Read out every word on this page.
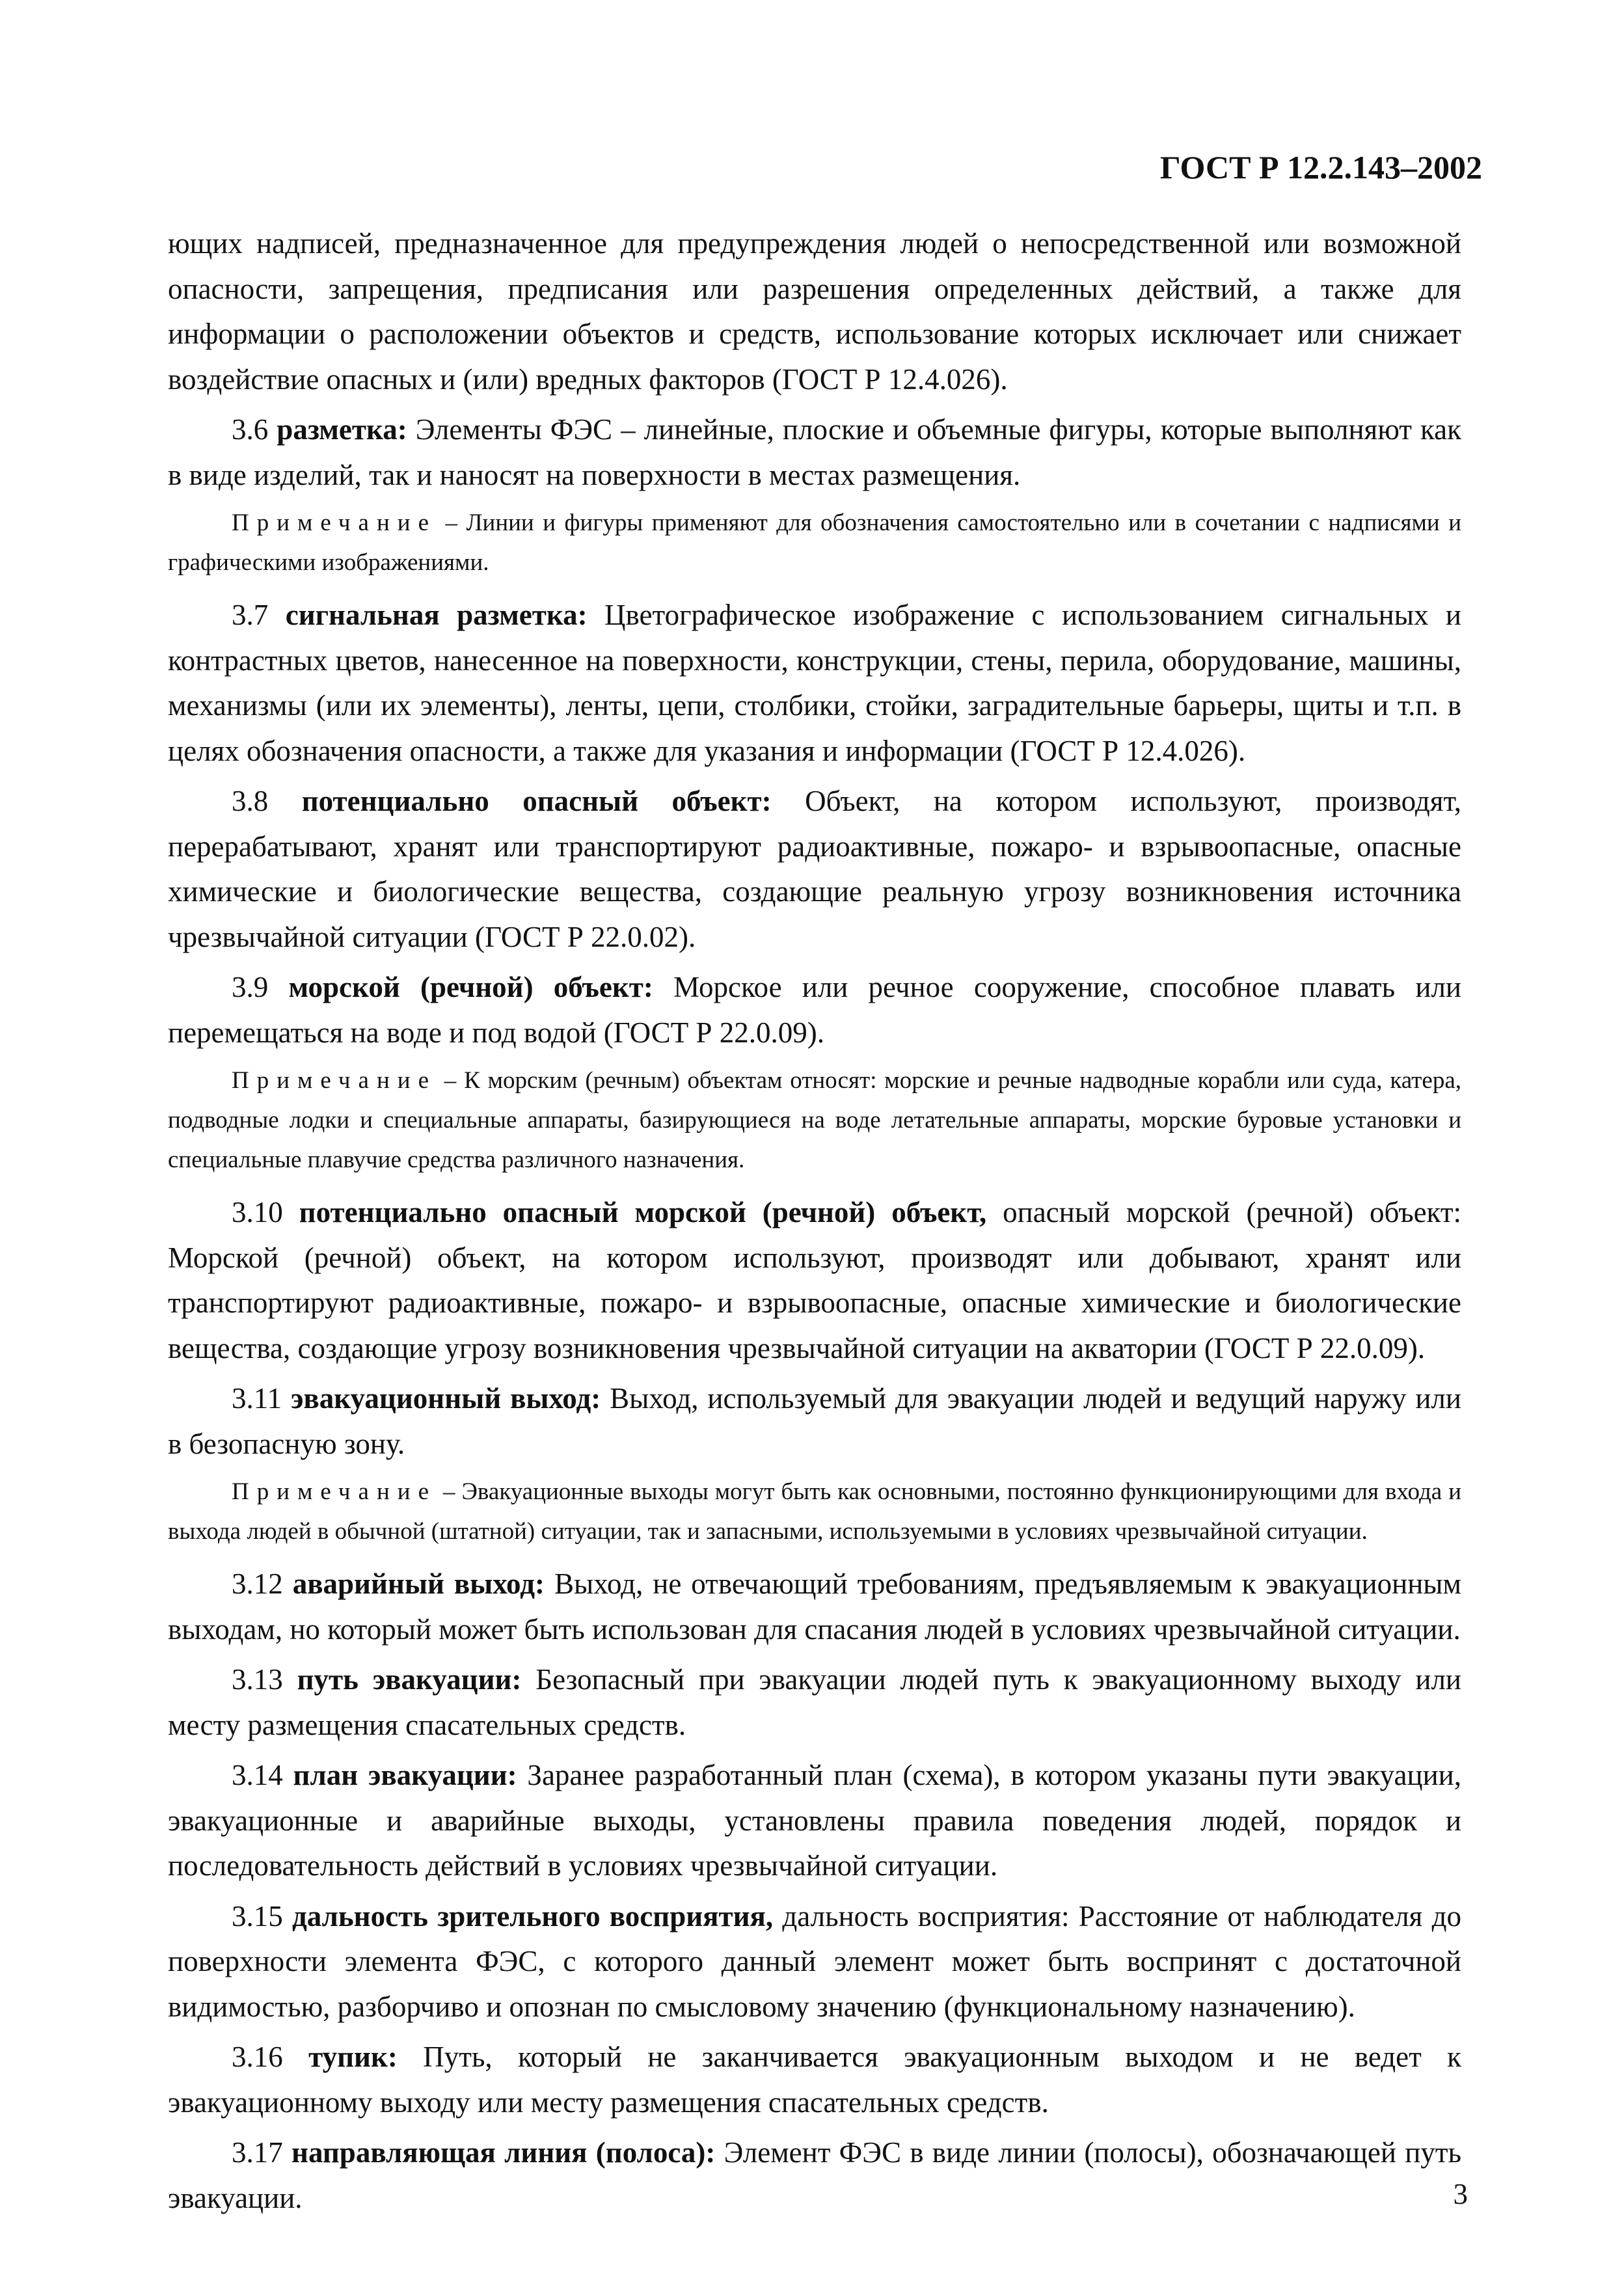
ГОСТ Р 12.2.143–2002

ющих надписей, предназначенное для предупреждения людей о непосредственной или возможной опасности, запрещения, предписания или разрешения определенных действий, а также для информации о расположении объектов и средств, использование которых исключает или снижает воздействие опасных и (или) вредных факторов (ГОСТ Р 12.4.026).

3.6 разметка: Элементы ФЭС – линейные, плоские и объемные фигуры, которые выполняют как в виде изделий, так и наносят на поверхности в местах размещения.

Примечание – Линии и фигуры применяют для обозначения самостоятельно или в сочетании с надписями и графическими изображениями.

3.7 сигнальная разметка: Цветографическое изображение с использованием сигнальных и контрастных цветов, нанесенное на поверхности, конструкции, стены, перила, оборудование, машины, механизмы (или их элементы), ленты, цепи, столбики, стойки, заградительные барьеры, щиты и т.п. в целях обозначения опасности, а также для указания и информации (ГОСТ Р 12.4.026).

3.8 потенциально опасный объект: Объект, на котором используют, производят, перерабатывают, хранят или транспортируют радиоактивные, пожаро- и взрывоопасные, опасные химические и биологические вещества, создающие реальную угрозу возникновения источника чрезвычайной ситуации (ГОСТ Р 22.0.02).

3.9 морской (речной) объект: Морское или речное сооружение, способное плавать или перемещаться на воде и под водой (ГОСТ Р 22.0.09).

Примечание – К морским (речным) объектам относят: морские и речные надводные корабли или суда, катера, подводные лодки и специальные аппараты, базирующиеся на воде летательные аппараты, морские буровые установки и специальные плавучие средства различного назначения.

3.10 потенциально опасный морской (речной) объект, опасный морской (речной) объект: Морской (речной) объект, на котором используют, производят или добывают, хранят или транспортируют радиоактивные, пожаро- и взрывоопасные, опасные химические и биологические вещества, создающие угрозу возникновения чрезвычайной ситуации на акватории (ГОСТ Р 22.0.09).

3.11 эвакуационный выход: Выход, используемый для эвакуации людей и ведущий наружу или в безопасную зону.

Примечание – Эвакуационные выходы могут быть как основными, постоянно функционирующими для входа и выхода людей в обычной (штатной) ситуации, так и запасными, используемыми в условиях чрезвычайной ситуации.

3.12 аварийный выход: Выход, не отвечающий требованиям, предъявляемым к эвакуационным выходам, но который может быть использован для спасания людей в условиях чрезвычайной ситуации.

3.13 путь эвакуации: Безопасный при эвакуации людей путь к эвакуационному выходу или месту размещения спасательных средств.

3.14 план эвакуации: Заранее разработанный план (схема), в котором указаны пути эвакуации, эвакуационные и аварийные выходы, установлены правила поведения людей, порядок и последовательность действий в условиях чрезвычайной ситуации.

3.15 дальность зрительного восприятия, дальность восприятия: Расстояние от наблюдателя до поверхности элемента ФЭС, с которого данный элемент может быть воспринят с достаточной видимостью, разборчиво и опознан по смысловому значению (функциональному назначению).

3.16 тупик: Путь, который не заканчивается эвакуационным выходом и не ведет к эвакуационному выходу или месту размещения спасательных средств.

3.17 направляющая линия (полоса): Элемент ФЭС в виде линии (полосы), обозначающей путь эвакуации.	3
